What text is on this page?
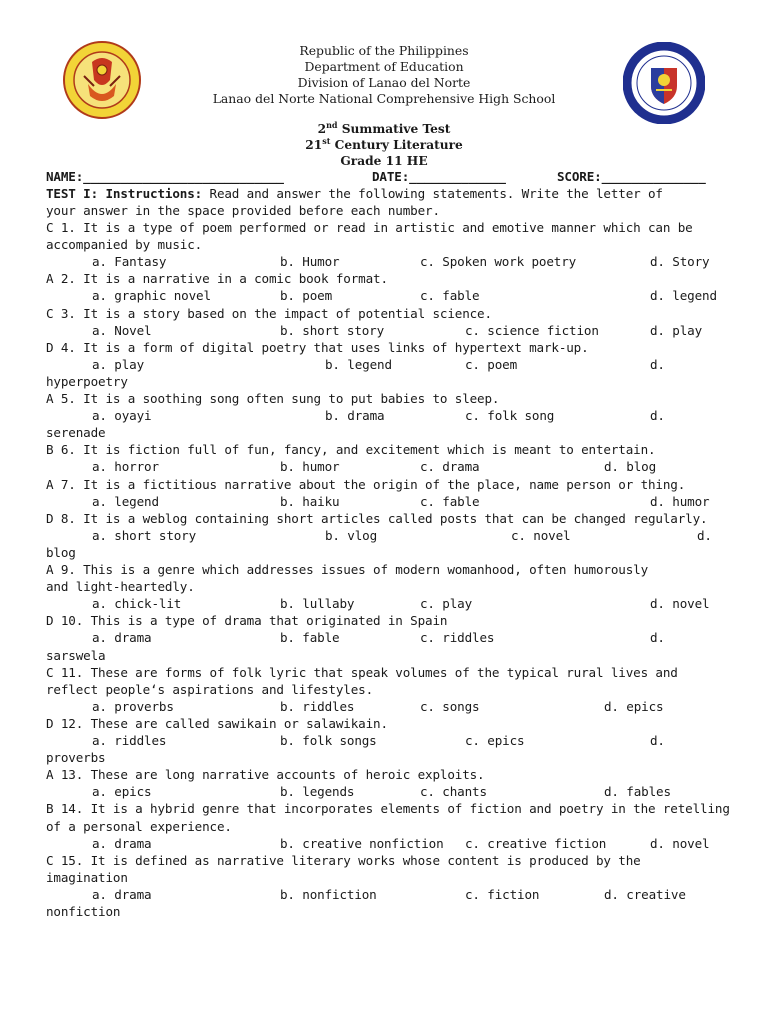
Republic of the Philippines
Department of Education
Division of Lanao del Norte
Lanao del Norte National Comprehensive High School
2nd Summative Test
21st Century Literature
Grade 11 HE
NAME:___________________________	DATE:_____________	SCORE:______________
TEST I: Instructions: Read and answer the following statements. Write the letter of
your answer in the space provided before each number.
C 1. It is a type of poem performed or read in artistic and emotive manner which can be
accompanied by music.
a. Fantasy	b. Humor	c. Spoken work poetry	d. Story
A 2. It is a narrative in a comic book format.
a. graphic novel	b. poem	c. fable	d. legend
C 3. It is a story based on the impact of potential science.
a. Novel	b. short story	c. science fiction	d. play
D 4. It is a form of digital poetry that uses links of hypertext mark-up.
a. play	b. legend	c. poem	d.
hyperpoetry
A 5. It is a soothing song often sung to put babies to sleep.
a. oyayi	b. drama	c. folk song	d.
serenade
B 6. It is fiction full of fun, fancy, and excitement which is meant to entertain.
a. horror	b. humor	c. drama	d. blog
A 7. It is a fictitious narrative about the origin of the place, name person or thing.
a. legend	b. haiku	c. fable	d. humor
D 8. It is a weblog containing short articles called posts that can be changed regularly.
a. short story	b. vlog	c. novel	d.
blog
A 9. This is a genre which addresses issues of modern womanhood, often humorously
and light-heartedly.
a. chick-lit	b. lullaby	c. play	d. novel
D 10. This is a type of drama that originated in Spain
a. drama	b. fable	c. riddles	d.
sarswela
C 11. These are forms of folk lyric that speak volumes of the typical rural lives and
reflect people‘s aspirations and lifestyles.
a. proverbs	b. riddles	c. songs	d. epics
D 12. These are called sawikain or salawikain.
a. riddles	b. folk songs	c. epics	d.
proverbs
A 13. These are long narrative accounts of heroic exploits.
a. epics	b. legends	c. chants	d. fables
B 14. It is a hybrid genre that incorporates elements of fiction and poetry in the retelling
of a personal experience.
a. drama	b. creative nonfiction c. creative fiction	d. novel
C 15. It is defined as narrative literary works whose content is produced by the
imagination
a. drama	b. nonfiction	c. fiction	d. creative
nonfiction
